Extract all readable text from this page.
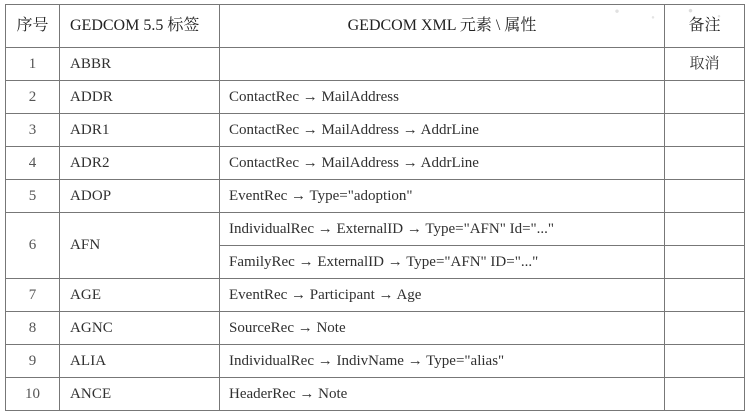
序号	GEDCOM 5.5 标签	GEDCOM XML 元素 \ 属性	备注
1	ABBR		取消
2	ADDR	ContactRec → MailAddress	
3	ADR1	ContactRec → MailAddress → AddrLine	
4	ADR2	ContactRec → MailAddress → AddrLine	
5	ADOP	EventRec → Type="adoption"	
6	AFN	IndividualRec → ExternalID → Type="AFN" Id="..."	
		FamilyRec → ExternalID → Type="AFN" ID="..."	
7	AGE	EventRec → Participant → Age	
8	AGNC	SourceRec → Note	
9	ALIA	IndividualRec → IndivName → Type="alias"	
10	ANCE	HeaderRec → Note	
